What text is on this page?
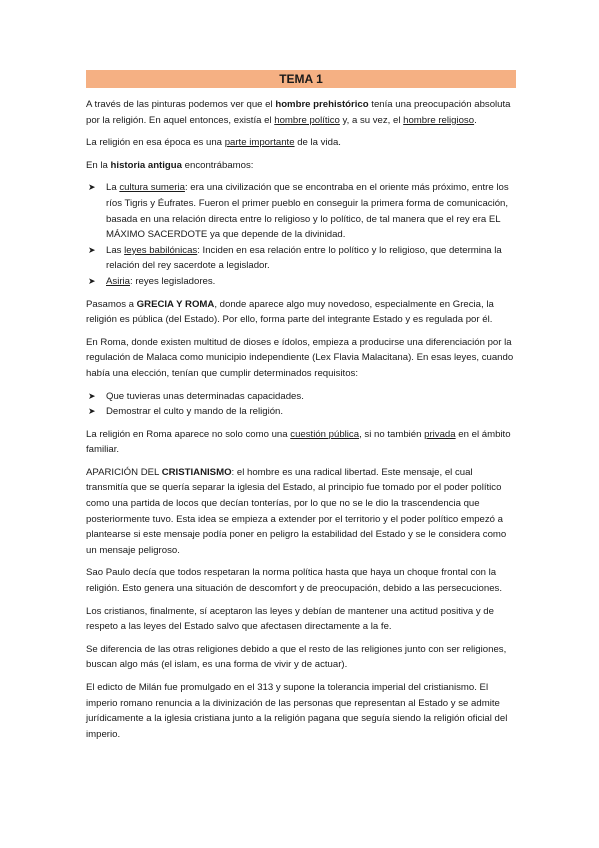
TEMA 1

A través de las pinturas podemos ver que el hombre prehistórico tenía una preocupación absoluta por la religión. En aquel entonces, existía el hombre político y, a su vez, el hombre religioso.

La religión en esa época es una parte importante de la vida.

En la historia antigua encontrábamos:

➤ La cultura sumeria: era una civilización que se encontraba en el oriente más próximo, entre los ríos Tigris y Éufrates. Fueron el primer pueblo en conseguir la primera forma de comunicación, basada en una relación directa entre lo religioso y lo político, de tal manera que el rey era EL MÁXIMO SACERDOTE ya que depende de la divinidad.
➤ Las leyes babilónicas: Inciden en esa relación entre lo político y lo religioso, que determina la relación del rey sacerdote a legislador.
➤ Asiria: reyes legisladores.

Pasamos a GRECIA Y ROMA, donde aparece algo muy novedoso, especialmente en Grecia, la religión es pública (del Estado). Por ello, forma parte del integrante Estado y es regulada por él.

En Roma, donde existen multitud de dioses e ídolos, empieza a producirse una diferenciación por la regulación de Malaca como municipio independiente (Lex Flavia Malacitana). En esas leyes, cuando había una elección, tenían que cumplir determinados requisitos:

➤ Que tuvieras unas determinadas capacidades.
➤ Demostrar el culto y mando de la religión.

La religión en Roma aparece no solo como una cuestión pública, si no también privada en el ámbito familiar.

APARICIÓN DEL CRISTIANISMO: el hombre es una radical libertad. Este mensaje, el cual transmitía que se quería separar la iglesia del Estado, al principio fue tomado por el poder político como una partida de locos que decían tonterías, por lo que no se le dio la trascendencia que posteriormente tuvo. Esta idea se empieza a extender por el territorio y el poder político empezó a plantearse si este mensaje podía poner en peligro la estabilidad del Estado y se le considera como un mensaje peligroso.

Sao Paulo decía que todos respetaran la norma política hasta que haya un choque frontal con la religión. Esto genera una situación de descomfort y de preocupación, debido a las persecuciones.

Los cristianos, finalmente, sí aceptaron las leyes y debían de mantener una actitud positiva y de respeto a las leyes del Estado salvo que afectasen directamente a la fe.

Se diferencia de las otras religiones debido a que el resto de las religiones junto con ser religiones, buscan algo más (el islam, es una forma de vivir y de actuar).

El edicto de Milán fue promulgado en el 313 y supone la tolerancia imperial del cristianismo. El imperio romano renuncia a la divinización de las personas que representan al Estado y se admite jurídicamente a la iglesia cristiana junto a la religión pagana que seguía siendo la religión oficial del imperio.
